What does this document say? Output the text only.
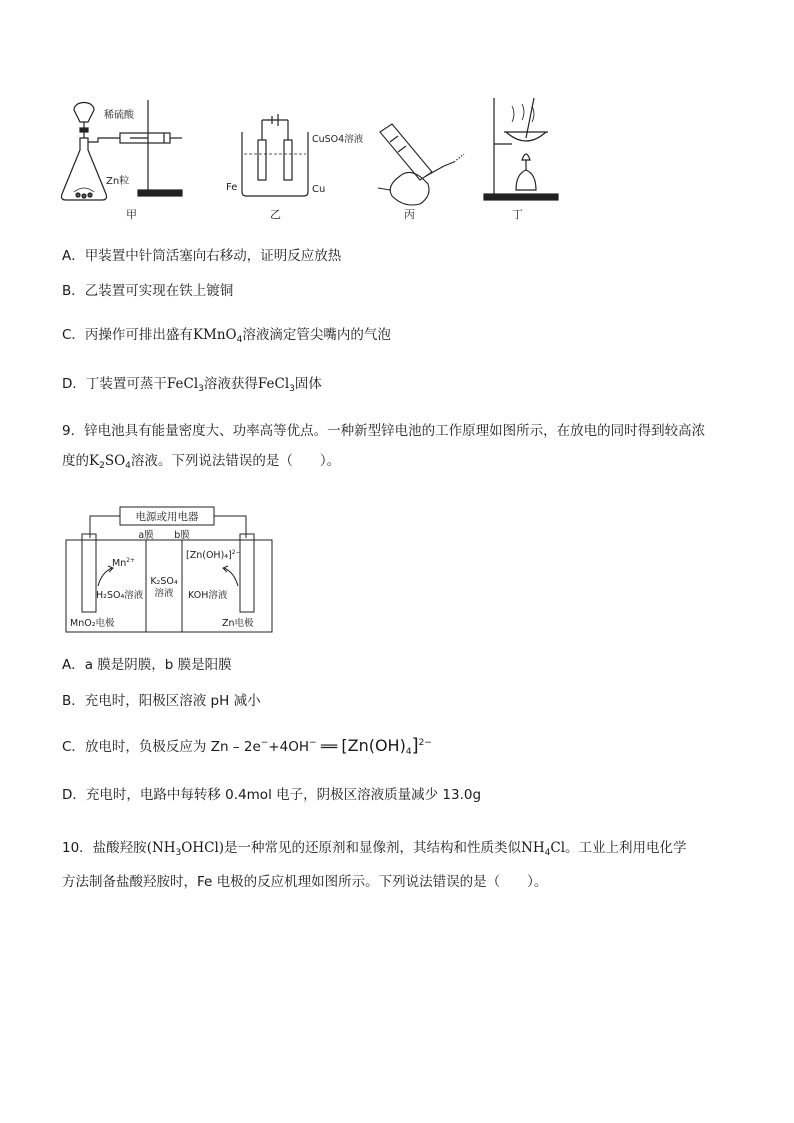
稀硫酸
Zn粒
CuSO4溶液
Fe	Cu
甲	乙	丙	丁
A．甲装置中针筒活塞向右移动，证明反应放热
B．乙装置可实现在铁上镀铜
C．丙操作可排出盛有KMnO$_4$溶液滴定管尖嘴内的气泡
D．丁装置可蒸干FeCl$_3$溶液获得FeCl$_3$固体
9．锌电池具有能量密度大、功率高等优点。一种新型锌电池的工作原理如图所示，在放电的同时得到较高浓
度的$K_2SO_4$溶液。下列说法错误的是（　　）。
电源或用电器
a膜 b膜
$Mn^{2+}$
H₂SO₄溶液
K₂SO₄
溶液
$[Zn(OH)_4]^{2-}$
KOH溶液
MnO₂电极	Zn电极
A．a 膜是阴膜，b 膜是阳膜
B．充电时，阳极区溶液 pH 减小
C．放电时，负极反应为 Zn – 2e−+4OH− ══ $[Zn(OH)_4]^{2-}$
D．充电时，电路中每转移 0.4mol 电子，阴极区溶液质量减少 13.0g
10．盐酸羟胺$(NH_3OHCl)$是一种常见的还原剂和显像剂，其结构和性质类似$NH_4Cl$。工业上利用电化学
方法制备盐酸羟胺时，Fe 电极的反应机理如图所示。下列说法错误的是（　　）。
